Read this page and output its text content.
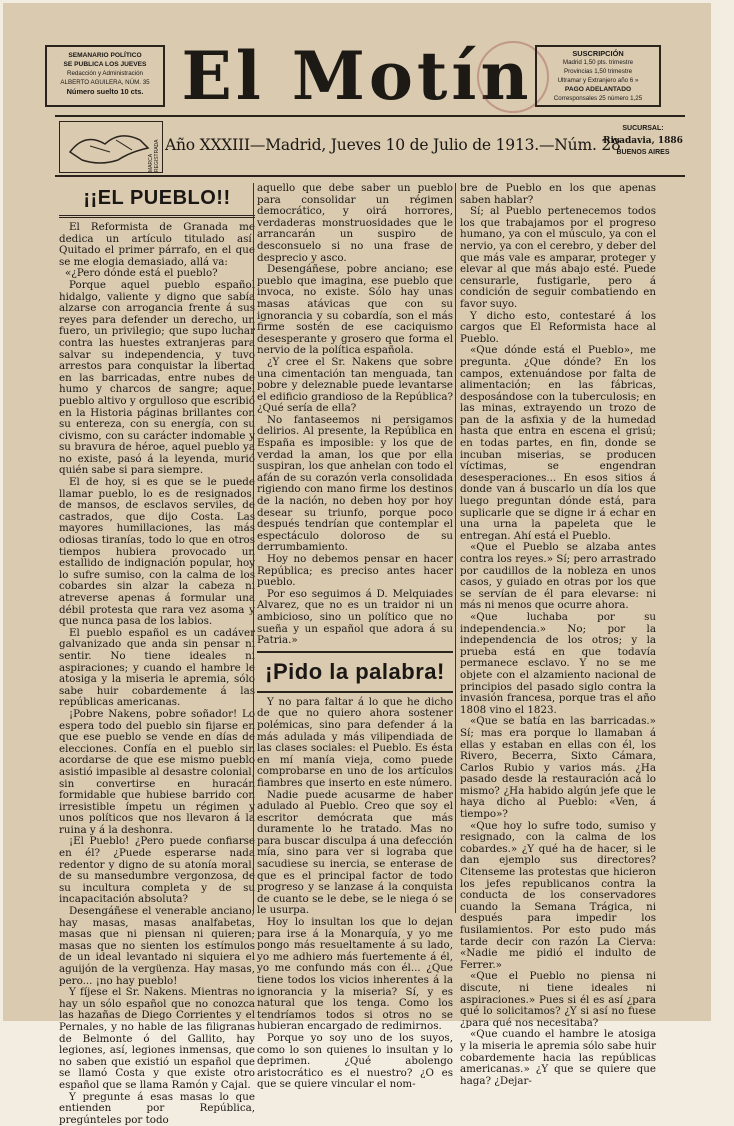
SEMANARIO POLÍTICO
SE PUBLICA LOS JUEVES
Redacción y Administración
ALBERTO AGUILERA, NÚM. 35
Número suelto 10 cts. El Motín	SUSCRIPCIÓN
Madrid 1,50 pts. trimestre
Provincias 1,50 trimestre
Ultramar y Extranjero año 6 »
PAGO ADELANTADO
Corresponsales 25 número 1,25
MARCA REGISTRADA Año XXXIII—Madrid, Jueves 10 de Julio de 1913.—Núm. 28
SUCURSAL:
Rivadavia, 1886
BUENOS AIRES
¡¡EL PUEBLO!!

El Reformista de Granada me dedica un artículo titulado así. Quitado el primer párrafo, en el que se me elogia demasiado, allá va:

«¿Pero dónde está el pueblo?

Porque aquel pueblo español hidalgo, valiente y digno que sabía alzarse con arrogancia frente á sus reyes para defender un derecho, un fuero, un privilegio; que supo luchar contra las huestes extranjeras para salvar su independencia, y tuvo arrestos para conquistar la libertad en las barricadas, entre nubes de humo y charcos de sangre; aquel pueblo altivo y orgulloso que escribió en la Historia páginas brillantes con su entereza, con su energía, con su civismo, con su carácter indomable y su bravura de héroe, aquel pueblo ya no existe, pasó á la leyenda, murió quién sabe si para siempre.

El de hoy, si es que se le puede llamar pueblo, lo es de resignados, de mansos, de esclavos serviles, de castrados, que dijo Costa. Las mayores humillaciones, las más odiosas tiranías, todo lo que en otros tiempos hubiera provocado un estallido de indignación popular, hoy lo sufre sumiso, con la calma de los cobardes sin alzar la cabeza ni atreverse apenas á formular una débil protesta que rara vez asoma y que nunca pasa de los labios.

El pueblo español es un cadáver galvanizado que anda sin pensar ni sentir. No tiene ideales ni aspiraciones; y cuando el hambre le atosiga y la miseria le apremia, sólo sabe huir cobardemente á las repúblicas americanas.

¡Pobre Nakens, pobre soñador! Lo espera todo del pueblo sin fijarse en que ese pueblo se vende en días de elecciones. Confía en el pueblo sin acordarse de que ese mismo pueblo asistió impasible al desastre colonial, sin convertirse en huracán formidable que hubiese barrido con irresistible ímpetu un régimen y unos políticos que nos llevaron á la ruina y á la deshonra.

¡El Pueblo! ¿Pero puede confiarse en él? ¿Puede esperarse nada redentor y digno de su atonía moral, de su mansedumbre vergonzosa, de su incultura completa y de su incapacitación absoluta?

Desengáñese el venerable anciano; hay masas, masas analfabetas, masas que ni piensan ni quieren; masas que no sienten los estímulos de un ideal levantado ni siquiera el aguijón de la vergüenza. Hay masas, pero... ¡no hay pueblo!

Y fíjese el Sr. Nakens. Mientras no hay un sólo español que no conozca las hazañas de Diego Corrientes y el Pernales, y no hable de las filigranas de Belmonte ó del Gallito, hay legiones, así, legiones inmensas, que no saben que existió un español que se llamó Costa y que existe otro español que se llama Ramón y Cajal.

Y pregunte á esas masas lo que entienden por República, pregúnteles por todo

aquello que debe saber un pueblo para consolidar un régimen democrático, y oirá horrores, verdaderas monstruosidades que le arrancarán un suspiro de desconsuelo si no una frase de desprecio y asco.

Desengáñese, pobre anciano; ese pueblo que imagina, ese pueblo que invoca, no existe. Sólo hay unas masas atávicas que con su ignorancia y su cobardía, son el más firme sostén de ese caciquismo desesperante y grosero que forma el nervio de la política española.

¿Y cree el Sr. Nakens que sobre una cimentación tan menguada, tan pobre y deleznable puede levantarse el edificio grandioso de la República? ¿Qué sería de ella?

No fantaseemos ni persigamos delirios. Al presente, la República en España es imposible: y los que de verdad la aman, los que por ella suspiran, los que anhelan con todo el afán de su corazón verla consolidada rigiendo con mano firme los destinos de la nación, no deben hoy por hoy desear su triunfo, porque poco después tendrían que contemplar el espectáculo doloroso de su derrumbamiento.

Hoy no debemos pensar en hacer República; es preciso antes hacer pueblo.

Por eso seguimos á D. Melquiades Alvarez, que no es un traidor ni un ambicioso, sino un político que no sueña y un español que adora á su Patria.»

¡Pido la palabra!

Y no para faltar á lo que he dicho de que no quiero ahora sostener polémicas, sino para defender á la más adulada y más vilipendiada de las clases sociales: el Pueblo. Es ésta en mí manía vieja, como puede comprobarse en uno de los artículos fiambres que inserto en este número.

Nadie puede acusarme de haber adulado al Pueblo. Creo que soy el escritor demócrata que más duramente lo he tratado. Mas no para buscar disculpa á una defección mía, sino para ver si lograba que sacudiese su inercia, se enterase de que es el principal factor de todo progreso y se lanzase á la conquista de cuanto se le debe, se le niega ó se le usurpa.

Hoy lo insultan los que lo dejan para irse á la Monarquía, y yo me pongo más resueltamente á su lado, yo me adhiero más fuertemente á él, yo me confundo más con él... ¿Que tiene todos los vicios inherentes á la ignorancia y la miseria? Sí, y es natural que los tenga. Como los tendríamos todos si otros no se hubieran encargado de redimirnos.

Porque yo soy uno de los suyos, como lo son quienes lo insultan y lo deprimen. ¿Qué abolengo aristocrático es el nuestro? ¿O es que se quiere vincular el nom-

bre de Pueblo en los que apenas saben hablar?

Sí; al Pueblo pertenecemos todos los que trabajamos por el progreso humano, ya con el músculo, ya con el nervio, ya con el cerebro, y deber del que más vale es amparar, proteger y elevar al que más abajo esté. Puede censurarle, fustigarle, pero á condición de seguir combatiendo en favor suyo.

Y dicho esto, contestaré á los cargos que El Reformista hace al Pueblo.

«Que dónde está el Pueblo», me pregunta. ¿Que dónde? En los campos, extenuándose por falta de alimentación; en las fábricas, desposándose con la tuberculosis; en las minas, extrayendo un trozo de pan de la asfixia y de la humedad hasta que entra en escena el grisú; en todas partes, en fin, donde se incuban miserias, se producen víctimas, se engendran desesperaciones... En esos sitios á donde van á buscarlo un día los que luego preguntan dónde está, para suplicarle que se digne ir á echar en una urna la papeleta que le entregan. Ahí está el Pueblo.

«Que el Pueblo se alzaba antes contra los reyes.» Sí; pero arrastrado por caudillos de la nobleza en unos casos, y guiado en otras por los que se servían de él para elevarse: ni más ni menos que ocurre ahora.

«Que luchaba por su independencia.» No; por la independencia de los otros; y la prueba está en que todavía permanece esclavo. Y no se me objete con el alzamiento nacional de principios del pasado siglo contra la invasión francesa, porque tras el año 1808 vino el 1823.

«Que se batía en las barricadas.» Sí; mas era porque lo llamaban á ellas y estaban en ellas con él, los Rivero, Becerra, Sixto Cámara, Carlos Rubio y varios más. ¿Ha pasado desde la restauración acá lo mismo? ¿Ha habido algún jefe que le haya dicho al Pueblo: «Ven, á tiempo»?

«Que hoy lo sufre todo, sumiso y resignado, con la calma de los cobardes.» ¿Y qué ha de hacer, si le dan ejemplo sus directores? Citenseme las protestas que hicieron los jefes republicanos contra la conducta de los conservadores cuando la Semana Trágica, ni después para impedir los fusilamientos. Por esto pudo más tarde decir con razón La Cierva: «Nadie me pidió el indulto de Ferrer.»

«Que el Pueblo no piensa ni discute, ni tiene ideales ni aspiraciones.» Pues si él es así ¿para qué lo solicitamos? ¿Y si así no fuese ¿para qué nos necesitaba?

«Que cuando el hambre le atosiga y la miseria le apremia sólo sabe huir cobardemente hacia las repúblicas americanas.» ¿Y que se quiere que haga? ¿Dejar-
